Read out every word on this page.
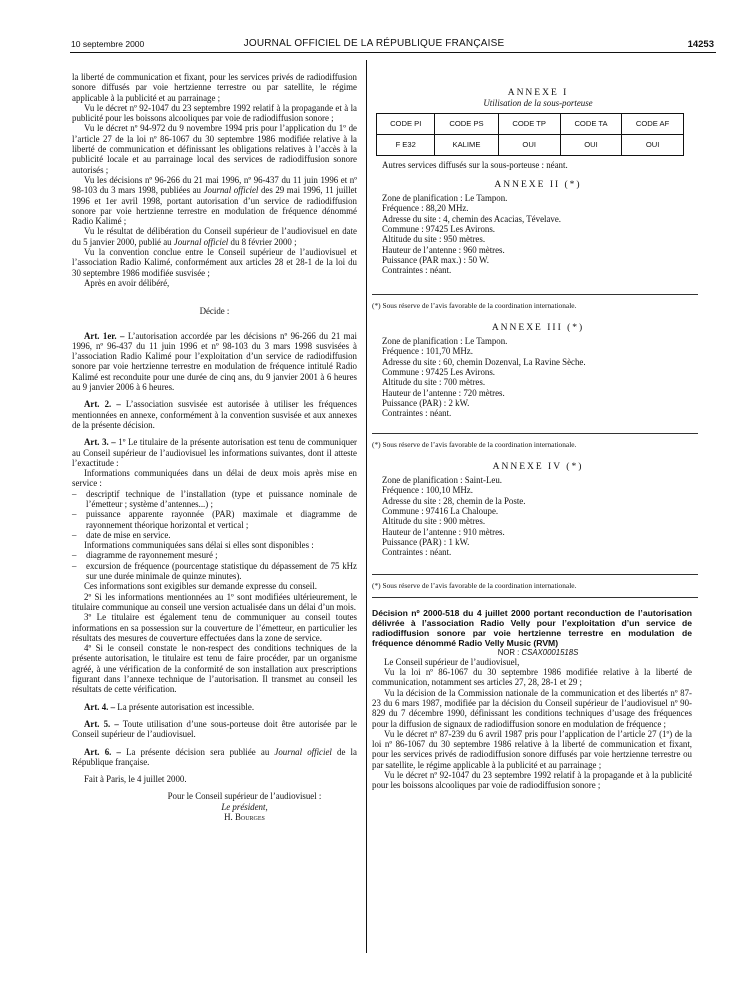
10 septembre 2000	JOURNAL OFFICIEL DE LA RÉPUBLIQUE FRANÇAISE	14253

la liberté de communication et fixant, pour les services privés de radiodiffusion sonore diffusés par voie hertzienne terrestre ou par satellite, le régime applicable à la publicité et au parrainage ;

Vu le décret nº 92-1047 du 23 septembre 1992 relatif à la propagande et à la publicité pour les boissons alcooliques par voie de radiodiffusion sonore ;

Vu le décret nº 94-972 du 9 novembre 1994 pris pour l’application du 1º de l’article 27 de la loi nº 86-1067 du 30 septembre 1986 modifiée relative à la liberté de communication et définissant les obligations relatives à l’accès à la publicité locale et au parrainage local des services de radiodiffusion sonore autorisés ;

Vu les décisions nº 96-266 du 21 mai 1996, nº 96-437 du 11 juin 1996 et nº 98-103 du 3 mars 1998, publiées au Journal officiel des 29 mai 1996, 11 juillet 1996 et 1er avril 1998, portant autorisation d’un service de radiodiffusion sonore par voie hertzienne terrestre en modulation de fréquence dénommé Radio Kalimé ;

Vu le résultat de délibération du Conseil supérieur de l’audiovisuel en date du 5 janvier 2000, publié au Journal officiel du 8 février 2000 ;

Vu la convention conclue entre le Conseil supérieur de l’audiovisuel et l’association Radio Kalimé, conformément aux articles 28 et 28-1 de la loi du 30 septembre 1986 modifiée susvisée ;

Après en avoir délibéré,

Décide :

Art. 1er. – L’autorisation accordée par les décisions nº 96-266 du 21 mai 1996, nº 96-437 du 11 juin 1996 et nº 98-103 du 3 mars 1998 susvisées à l’association Radio Kalimé pour l’exploitation d’un service de radiodiffusion sonore par voie hertzienne terrestre en modulation de fréquence intitulé Radio Kalimé est reconduite pour une durée de cinq ans, du 9 janvier 2001 à 6 heures au 9 janvier 2006 à 6 heures.

Art. 2. – L’association susvisée est autorisée à utiliser les fréquences mentionnées en annexe, conformément à la convention susvisée et aux annexes de la présente décision.

Art. 3. – 1º Le titulaire de la présente autorisation est tenu de communiquer au Conseil supérieur de l’audiovisuel les informations suivantes, dont il atteste l’exactitude :

Informations communiquées dans un délai de deux mois après mise en service :

– descriptif technique de l’installation (type et puissance nominale de l’émetteur ; système d’antennes...) ;
– puissance apparente rayonnée (PAR) maximale et diagramme de rayonnement théorique horizontal et vertical ;
– date de mise en service.

Informations communiquées sans délai si elles sont disponibles :

– diagramme de rayonnement mesuré ;
– excursion de fréquence (pourcentage statistique du dépassement de 75 kHz sur une durée minimale de quinze minutes).

Ces informations sont exigibles sur demande expresse du conseil.

2º Si les informations mentionnées au 1º sont modifiées ultérieurement, le titulaire communique au conseil une version actualisée dans un délai d’un mois.

3º Le titulaire est également tenu de communiquer au conseil toutes informations en sa possession sur la couverture de l’émetteur, en particulier les résultats des mesures de couverture effectuées dans la zone de service.

4º Si le conseil constate le non-respect des conditions techniques de la présente autorisation, le titulaire est tenu de faire procéder, par un organisme agréé, à une vérification de la conformité de son installation aux prescriptions figurant dans l’annexe technique de l’autorisation. Il transmet au conseil les résultats de cette vérification.

Art. 4. – La présente autorisation est incessible.

Art. 5. – Toute utilisation d’une sous-porteuse doit être autorisée par le Conseil supérieur de l’audiovisuel.

Art. 6. – La présente décision sera publiée au Journal officiel de la République française.

Fait à Paris, le 4 juillet 2000.

Pour le Conseil supérieur de l’audiovisuel :
Le président,
H. Bourges

ANNEXE I

Utilisation de la sous-porteuse

CODE PI	CODE PS	CODE TP	CODE TA	CODE AF
F E32	KALIME	OUI	OUI	OUI

Autres services diffusés sur la sous-porteuse : néant.

ANNEXE II (*)

Zone de planification : Le Tampon.
Fréquence : 88,20 MHz.
Adresse du site : 4, chemin des Acacias, Tévelave.
Commune : 97425 Les Avirons.
Altitude du site : 950 mètres.
Hauteur de l’antenne : 960 mètres.
Puissance (PAR max.) : 50 W.
Contraintes : néant.

(*) Sous réserve de l’avis favorable de la coordination internationale.

ANNEXE III (*)

Zone de planification : Le Tampon.
Fréquence : 101,70 MHz.
Adresse du site : 60, chemin Dozenval, La Ravine Sèche.
Commune : 97425 Les Avirons.
Altitude du site : 700 mètres.
Hauteur de l’antenne : 720 mètres.
Puissance (PAR) : 2 kW.
Contraintes : néant.

(*) Sous réserve de l’avis favorable de la coordination internationale.

ANNEXE IV (*)

Zone de planification : Saint-Leu.
Fréquence : 100,10 MHz.
Adresse du site : 28, chemin de la Poste.
Commune : 97416 La Chaloupe.
Altitude du site : 900 mètres.
Hauteur de l’antenne : 910 mètres.
Puissance (PAR) : 1 kW.
Contraintes : néant.

(*) Sous réserve de l’avis favorable de la coordination internationale.

Décision nº 2000-518 du 4 juillet 2000 portant reconduction de l’autorisation délivrée à l’association Radio Velly pour l’exploitation d’un service de radiodiffusion sonore par voie hertzienne terrestre en modulation de fréquence dénommé Radio Velly Music (RVM)

NOR : CSAX0001518S

Le Conseil supérieur de l’audiovisuel,

Vu la loi nº 86-1067 du 30 septembre 1986 modifiée relative à la liberté de communication, notamment ses articles 27, 28, 28-1 et 29 ;

Vu la décision de la Commission nationale de la communication et des libertés nº 87-23 du 6 mars 1987, modifiée par la décision du Conseil supérieur de l’audiovisuel nº 90-829 du 7 décembre 1990, définissant les conditions techniques d’usage des fréquences pour la diffusion de signaux de radiodiffusion sonore en modulation de fréquence ;

Vu le décret nº 87-239 du 6 avril 1987 pris pour l’application de l’article 27 (1º) de la loi nº 86-1067 du 30 septembre 1986 relative à la liberté de communication et fixant, pour les services privés de radiodiffusion sonore diffusés par voie hertzienne terrestre ou par satellite, le régime applicable à la publicité et au parrainage ;

Vu le décret nº 92-1047 du 23 septembre 1992 relatif à la propagande et à la publicité pour les boissons alcooliques par voie de radiodiffusion sonore ;
